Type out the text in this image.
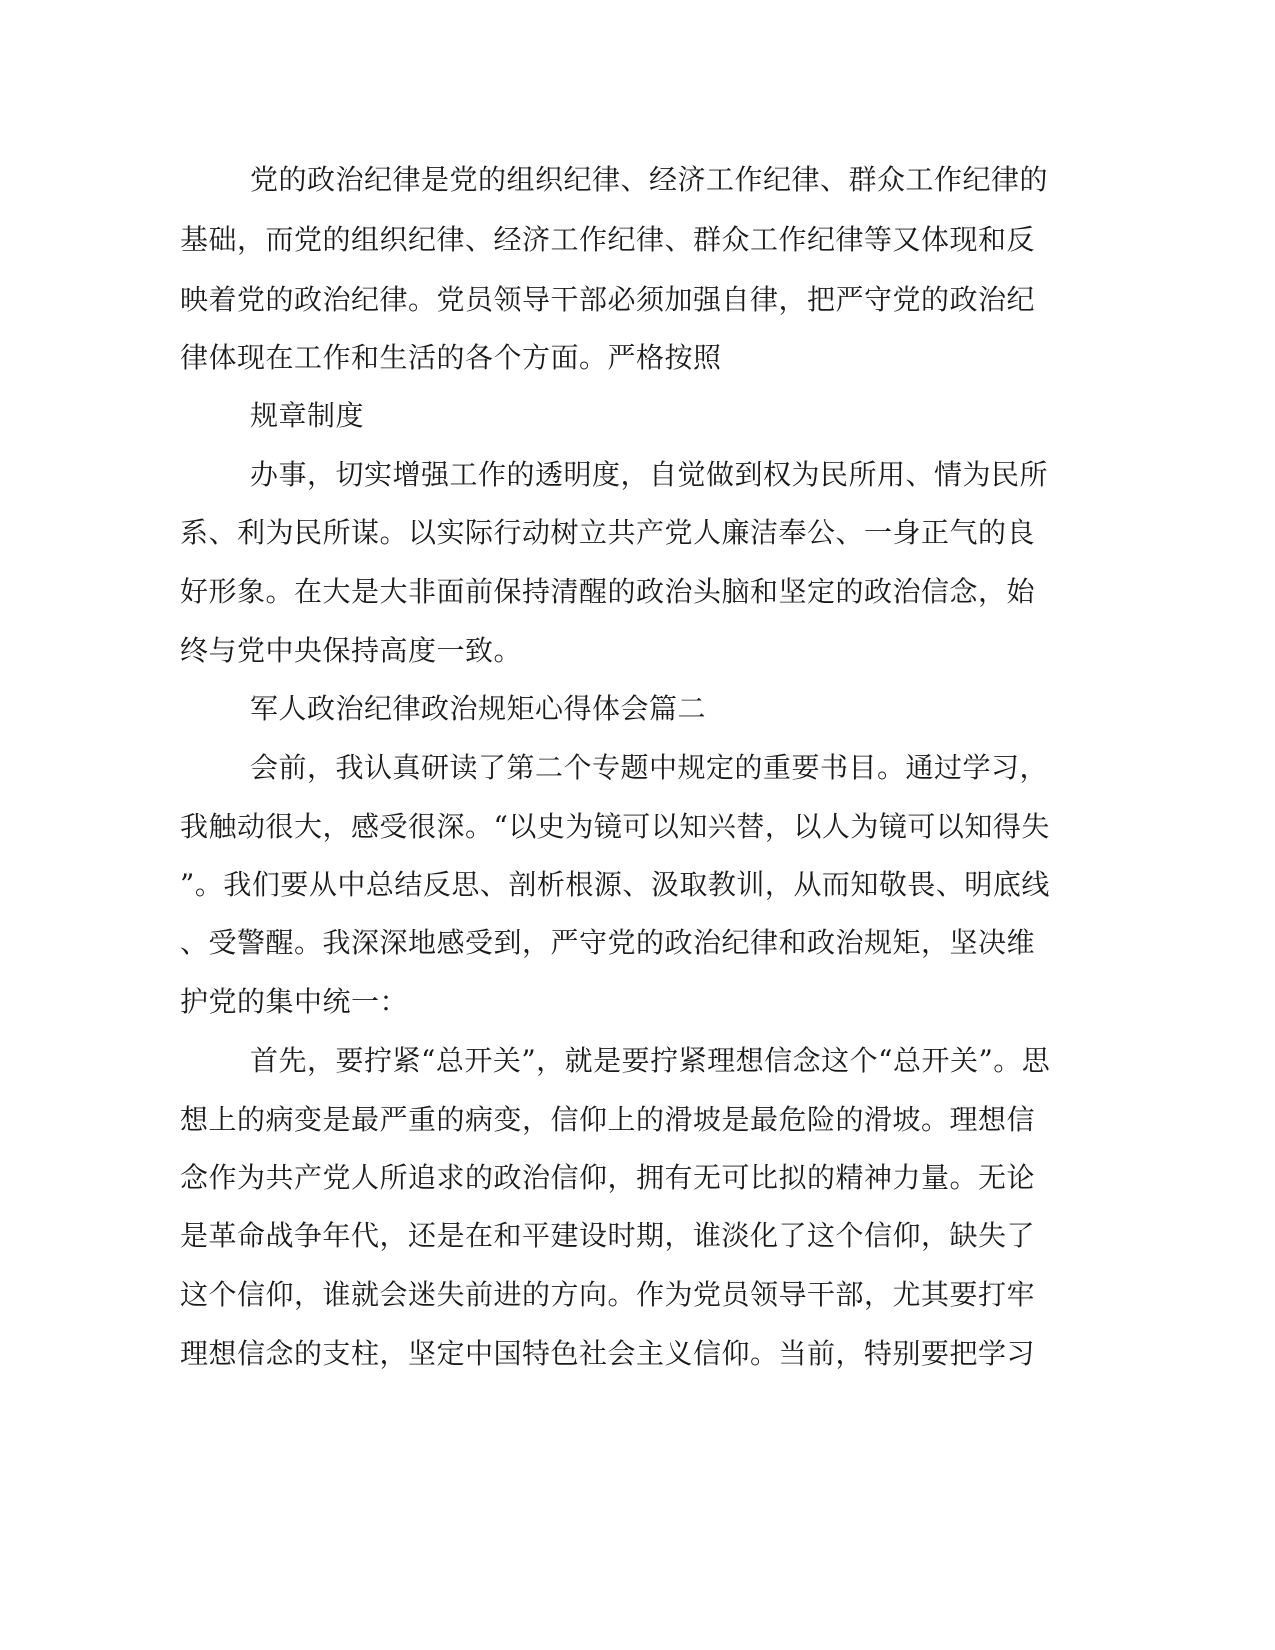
党的政治纪律是党的组织纪律、经济工作纪律、群众工作纪律的
基础，而党的组织纪律、经济工作纪律、群众工作纪律等又体现和反
映着党的政治纪律。党员领导干部必须加强自律，把严守党的政治纪
律体现在工作和生活的各个方面。严格按照
规章制度
办事，切实增强工作的透明度，自觉做到权为民所用、情为民所
系、利为民所谋。以实际行动树立共产党人廉洁奉公、一身正气的良
好形象。在大是大非面前保持清醒的政治头脑和坚定的政治信念，始
终与党中央保持高度一致。
军人政治纪律政治规矩心得体会篇二
会前，我认真研读了第二个专题中规定的重要书目。通过学习，
我触动很大，感受很深。“以史为镜可以知兴替，以人为镜可以知得失
”。我们要从中总结反思、剖析根源、汲取教训，从而知敬畏、明底线
、受警醒。我深深地感受到，严守党的政治纪律和政治规矩，坚决维
护党的集中统一：
首先，要拧紧“总开关”，就是要拧紧理想信念这个“总开关”。思
想上的病变是最严重的病变，信仰上的滑坡是最危险的滑坡。理想信
念作为共产党人所追求的政治信仰，拥有无可比拟的精神力量。无论
是革命战争年代，还是在和平建设时期，谁淡化了这个信仰，缺失了
这个信仰，谁就会迷失前进的方向。作为党员领导干部，尤其要打牢
理想信念的支柱，坚定中国特色社会主义信仰。当前，特别要把学习
